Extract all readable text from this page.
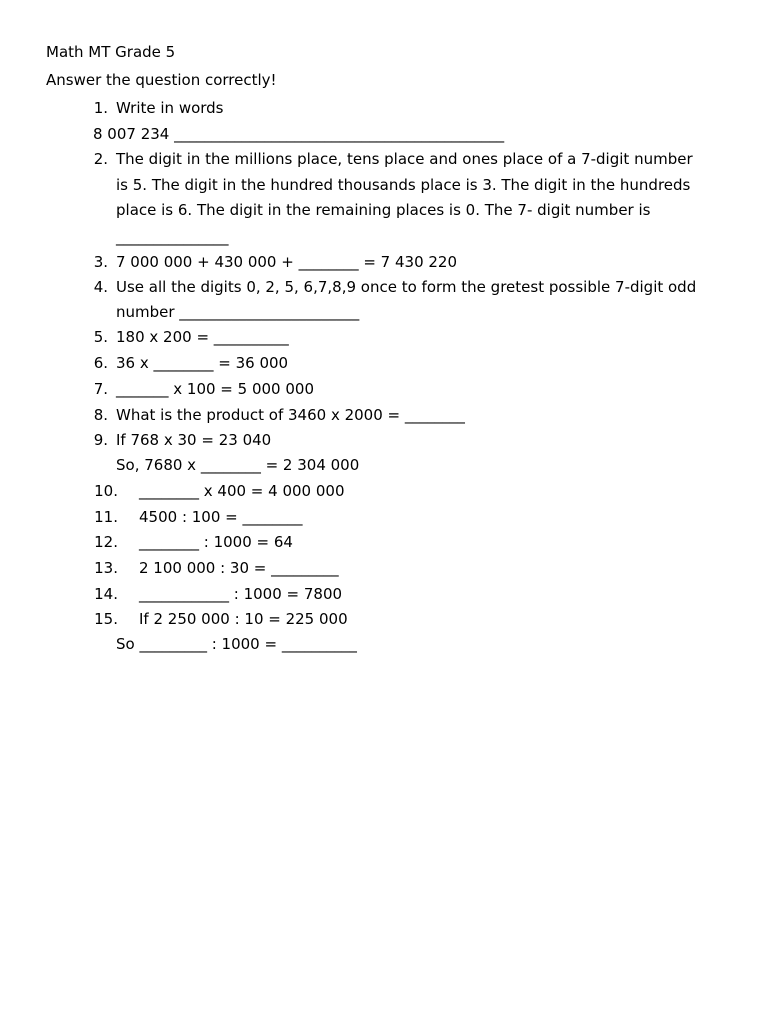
Math MT Grade 5
Answer the question correctly!
1. Write in words
8 007 234 ____________________________________________
2. The digit in the millions place, tens place and ones place of a 7-digit number
is 5. The digit in the hundred thousands place is 3. The digit in the hundreds
place is 6. The digit in the remaining places is 0. The 7- digit number is
_______________
3. 7 000 000 + 430 000 + ________ = 7 430 220
4. Use all the digits 0, 2, 5, 6,7,8,9 once to form the gretest possible 7-digit odd
number ________________________
5. 180 x 200 = __________
6. 36 x ________ = 36 000
7. _______ x 100 = 5 000 000
8. What is the product of 3460 x 2000 = ________
9. If 768 x 30 = 23 040
So, 7680 x ________ = 2 304 000
10. ________ x 400 = 4 000 000
11. 4500 : 100 = ________
12. ________ : 1000 = 64
13. 2 100 000 : 30 = _________
14. ____________ : 1000 = 7800
15. If 2 250 000 : 10 = 225 000
So _________ : 1000 = __________
